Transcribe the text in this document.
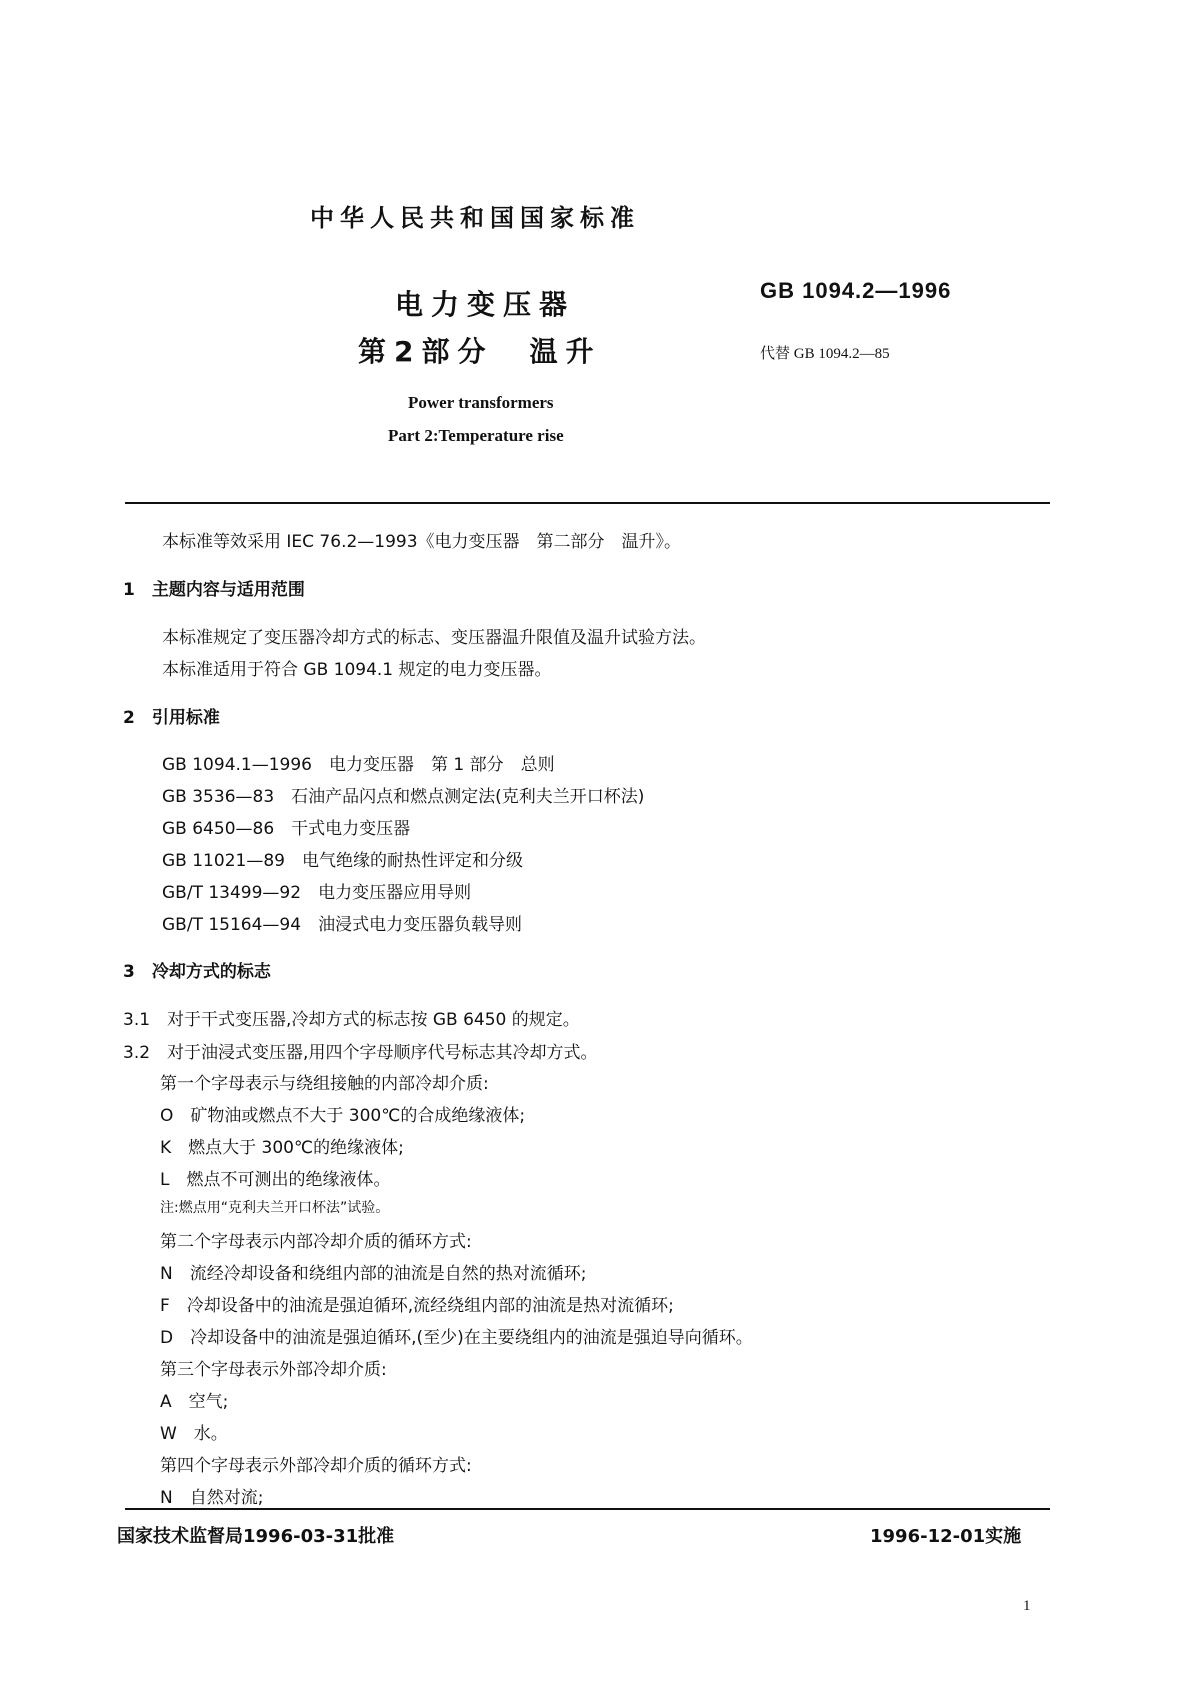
中华人民共和国国家标准
电力变压器
第2部分　温升
GB 1094.2—1996
代替 GB 1094.2—85
Power transformers
Part 2:Temperature rise
本标准等效采用 IEC 76.2—1993《电力变压器　第二部分　温升》。
1　主题内容与适用范围
本标准规定了变压器冷却方式的标志、变压器温升限值及温升试验方法。
本标准适用于符合 GB 1094.1 规定的电力变压器。
2　引用标准
GB 1094.1—1996　电力变压器　第 1 部分　总则
GB 3536—83　石油产品闪点和燃点测定法(克利夫兰开口杯法)
GB 6450—86　干式电力变压器
GB 11021—89　电气绝缘的耐热性评定和分级
GB/T 13499—92　电力变压器应用导则
GB/T 15164—94　油浸式电力变压器负载导则
3　冷却方式的标志
3.1　对于干式变压器,冷却方式的标志按 GB 6450 的规定。
3.2　对于油浸式变压器,用四个字母顺序代号标志其冷却方式。
第一个字母表示与绕组接触的内部冷却介质:
O　矿物油或燃点不大于 300℃的合成绝缘液体;
K　燃点大于 300℃的绝缘液体;
L　燃点不可测出的绝缘液体。
注:燃点用“克利夫兰开口杯法”试验。
第二个字母表示内部冷却介质的循环方式:
N　流经冷却设备和绕组内部的油流是自然的热对流循环;
F　冷却设备中的油流是强迫循环,流经绕组内部的油流是热对流循环;
D　冷却设备中的油流是强迫循环,(至少)在主要绕组内的油流是强迫导向循环。
第三个字母表示外部冷却介质:
A　空气;
W　水。
第四个字母表示外部冷却介质的循环方式:
N　自然对流;
国家技术监督局1996-03-31批准	1996-12-01实施
1
